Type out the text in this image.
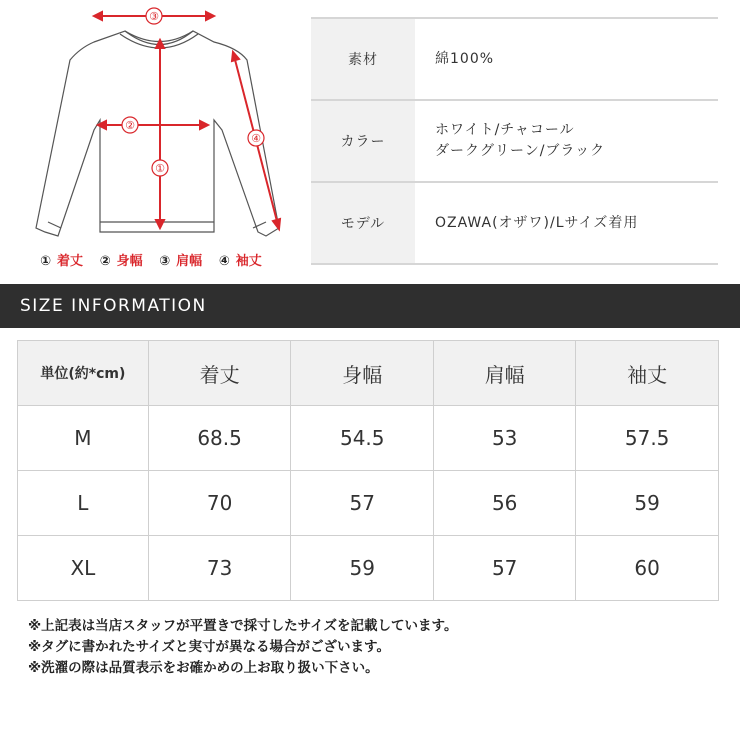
③
②
①
④
① 着丈 ② 身幅 ③ 肩幅 ④ 袖丈
素材	綿100%
カラー	ホワイト/チャコール
ダークグリーン/ブラック
モデル	OZAWA(オザワ)/Lサイズ着用
SIZE INFORMATION
単位(約*cm)	着丈	身幅	肩幅	袖丈
M	68.5	54.5	53	57.5
L	70	57	56	59
XL	73	59	57	60
※上記表は当店スタッフが平置きで採寸したサイズを記載しています。
※タグに書かれたサイズと実寸が異なる場合がございます。
※洗濯の際は品質表示をお確かめの上お取り扱い下さい。
